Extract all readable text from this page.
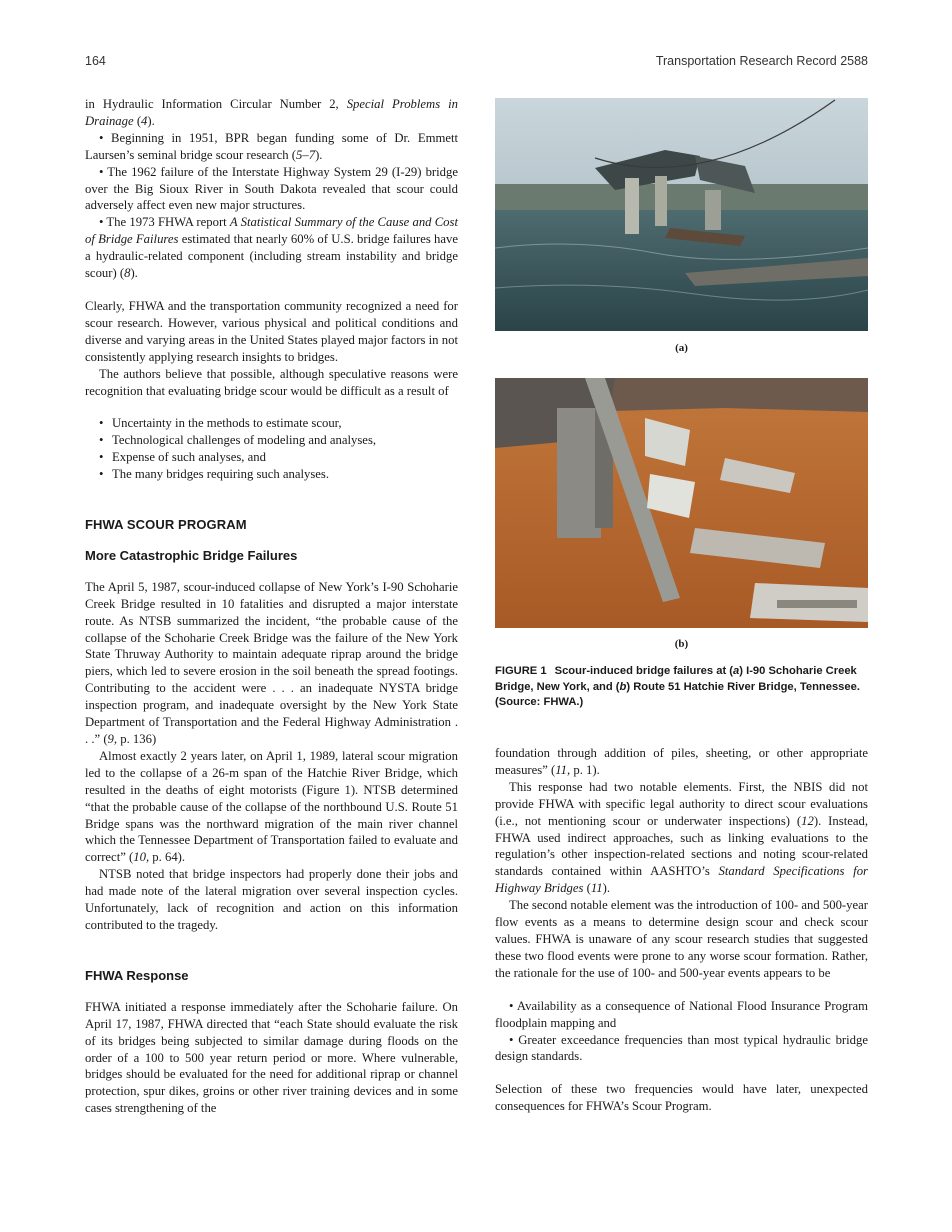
164	Transportation Research Record 2588

in Hydraulic Information Circular Number 2, Special Problems in Drainage (4).

• Beginning in 1951, BPR began funding some of Dr. Emmett Laursen’s seminal bridge scour research (5–7).

• The 1962 failure of the Interstate Highway System 29 (I-29) bridge over the Big Sioux River in South Dakota revealed that scour could adversely affect even new major structures.

• The 1973 FHWA report A Statistical Summary of the Cause and Cost of Bridge Failures estimated that nearly 60% of U.S. bridge failures have a hydraulic-related component (including stream instability and bridge scour) (8).

Clearly, FHWA and the transportation community recognized a need for scour research. However, various physical and political conditions and diverse and varying areas in the United States played major factors in not consistently applying research insights to bridges.

The authors believe that possible, although speculative reasons were recognition that evaluating bridge scour would be difficult as a result of

• Uncertainty in the methods to estimate scour,
• Technological challenges of modeling and analyses,
• Expense of such analyses, and
• The many bridges requiring such analyses.
FHWA SCOUR PROGRAM
More Catastrophic Bridge Failures

The April 5, 1987, scour-induced collapse of New York’s I-90 Schoharie Creek Bridge resulted in 10 fatalities and disrupted a major interstate route. As NTSB summarized the incident, “the probable cause of the collapse of the Schoharie Creek Bridge was the failure of the New York State Thruway Authority to maintain adequate riprap around the bridge piers, which led to severe erosion in the soil beneath the spread footings. Contributing to the accident were . . . an inadequate NYSTA bridge inspection program, and inadequate oversight by the New York State Department of Transportation and the Federal Highway Administration . . .” (9, p. 136)

Almost exactly 2 years later, on April 1, 1989, lateral scour migration led to the collapse of a 26-m span of the Hatchie River Bridge, which resulted in the deaths of eight motorists (Figure 1). NTSB determined “that the probable cause of the collapse of the northbound U.S. Route 51 Bridge spans was the northward migration of the main river channel which the Tennessee Department of Transportation failed to evaluate and correct” (10, p. 64).

NTSB noted that bridge inspectors had properly done their jobs and had made note of the lateral migration over several inspection cycles. Unfortunately, lack of recognition and action on this information contributed to the tragedy.

FHWA Response

FHWA initiated a response immediately after the Schoharie failure. On April 17, 1987, FHWA directed that “each State should evaluate the risk of its bridges being subjected to similar damage during floods on the order of a 100 to 500 year return period or more. Where vulnerable, bridges should be evaluated for the need for additional riprap or channel protection, spur dikes, groins or other river training devices and in some cases strengthening of the

(a)
(b)
FIGURE 1 Scour-induced bridge failures at (a) I-90 Schoharie Creek Bridge, New York, and (b) Route 51 Hatchie River Bridge, Tennessee. (Source: FHWA.)

foundation through addition of piles, sheeting, or other appropriate measures” (11, p. 1).

This response had two notable elements. First, the NBIS did not provide FHWA with specific legal authority to direct scour evaluations (i.e., not mentioning scour or underwater inspections) (12). Instead, FHWA used indirect approaches, such as linking evaluations to the regulation’s other inspection-related sections and noting scour-related standards contained within AASHTO’s Standard Specifications for Highway Bridges (11).

The second notable element was the introduction of 100- and 500-year flow events as a means to determine design scour and check scour values. FHWA is unaware of any scour research studies that suggested these two flood events were prone to any worse scour formation. Rather, the rationale for the use of 100- and 500-year events appears to be

• Availability as a consequence of National Flood Insurance Program floodplain mapping and

• Greater exceedance frequencies than most typical hydraulic bridge design standards.

Selection of these two frequencies would have later, unexpected consequences for FHWA’s Scour Program.
